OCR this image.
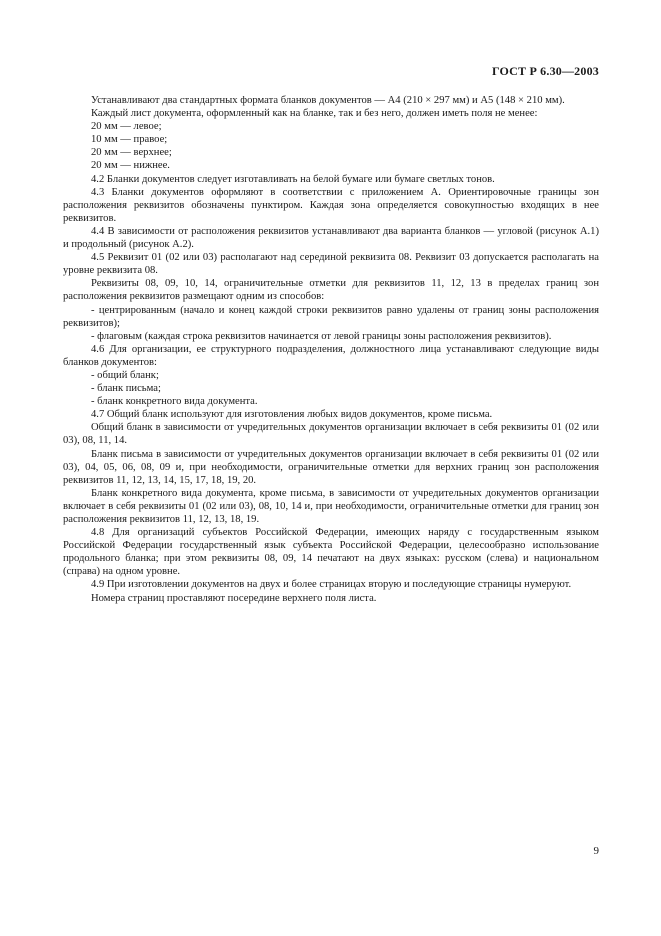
ГОСТ Р 6.30—2003

Устанавливают два стандартных формата бланков документов — А4 (210 × 297 мм) и А5 (148 × 210 мм).

Каждый лист документа, оформленный как на бланке, так и без него, должен иметь поля не менее:

20 мм — левое;

10 мм — правое;

20 мм — верхнее;

20 мм — нижнее.

4.2 Бланки документов следует изготавливать на белой бумаге или бумаге светлых тонов.

4.3 Бланки документов оформляют в соответствии с приложением А. Ориентировочные границы зон расположения реквизитов обозначены пунктиром. Каждая зона определяется совокупностью входящих в нее реквизитов.

4.4 В зависимости от расположения реквизитов устанавливают два варианта бланков — угловой (рисунок А.1) и продольный (рисунок А.2).

4.5 Реквизит 01 (02 или 03) располагают над серединой реквизита 08. Реквизит 03 допускается располагать на уровне реквизита 08.

Реквизиты 08, 09, 10, 14, ограничительные отметки для реквизитов 11, 12, 13 в пределах границ зон расположения реквизитов размещают одним из способов:

- центрированным (начало и конец каждой строки реквизитов равно удалены от границ зоны расположения реквизитов);

- флаговым (каждая строка реквизитов начинается от левой границы зоны расположения реквизитов).

4.6 Для организации, ее структурного подразделения, должностного лица устанавливают следующие виды бланков документов:

- общий бланк;

- бланк письма;

- бланк конкретного вида документа.

4.7 Общий бланк используют для изготовления любых видов документов, кроме письма.

Общий бланк в зависимости от учредительных документов организации включает в себя реквизиты 01 (02 или 03), 08, 11, 14.

Бланк письма в зависимости от учредительных документов организации включает в себя реквизиты 01 (02 или 03), 04, 05, 06, 08, 09 и, при необходимости, ограничительные отметки для верхних границ зон расположения реквизитов 11, 12, 13, 14, 15, 17, 18, 19, 20.

Бланк конкретного вида документа, кроме письма, в зависимости от учредительных документов организации включает в себя реквизиты 01 (02 или 03), 08, 10, 14 и, при необходимости, ограничительные отметки для границ зон расположения реквизитов 11, 12, 13, 18, 19.

4.8 Для организаций субъектов Российской Федерации, имеющих наряду с государственным языком Российской Федерации государственный язык субъекта Российской Федерации, целесообразно использование продольного бланка; при этом реквизиты 08, 09, 14 печатают на двух языках: русском (слева) и национальном (справа) на одном уровне.

4.9 При изготовлении документов на двух и более страницах вторую и последующие страницы нумеруют.

Номера страниц проставляют посередине верхнего поля листа.

9
